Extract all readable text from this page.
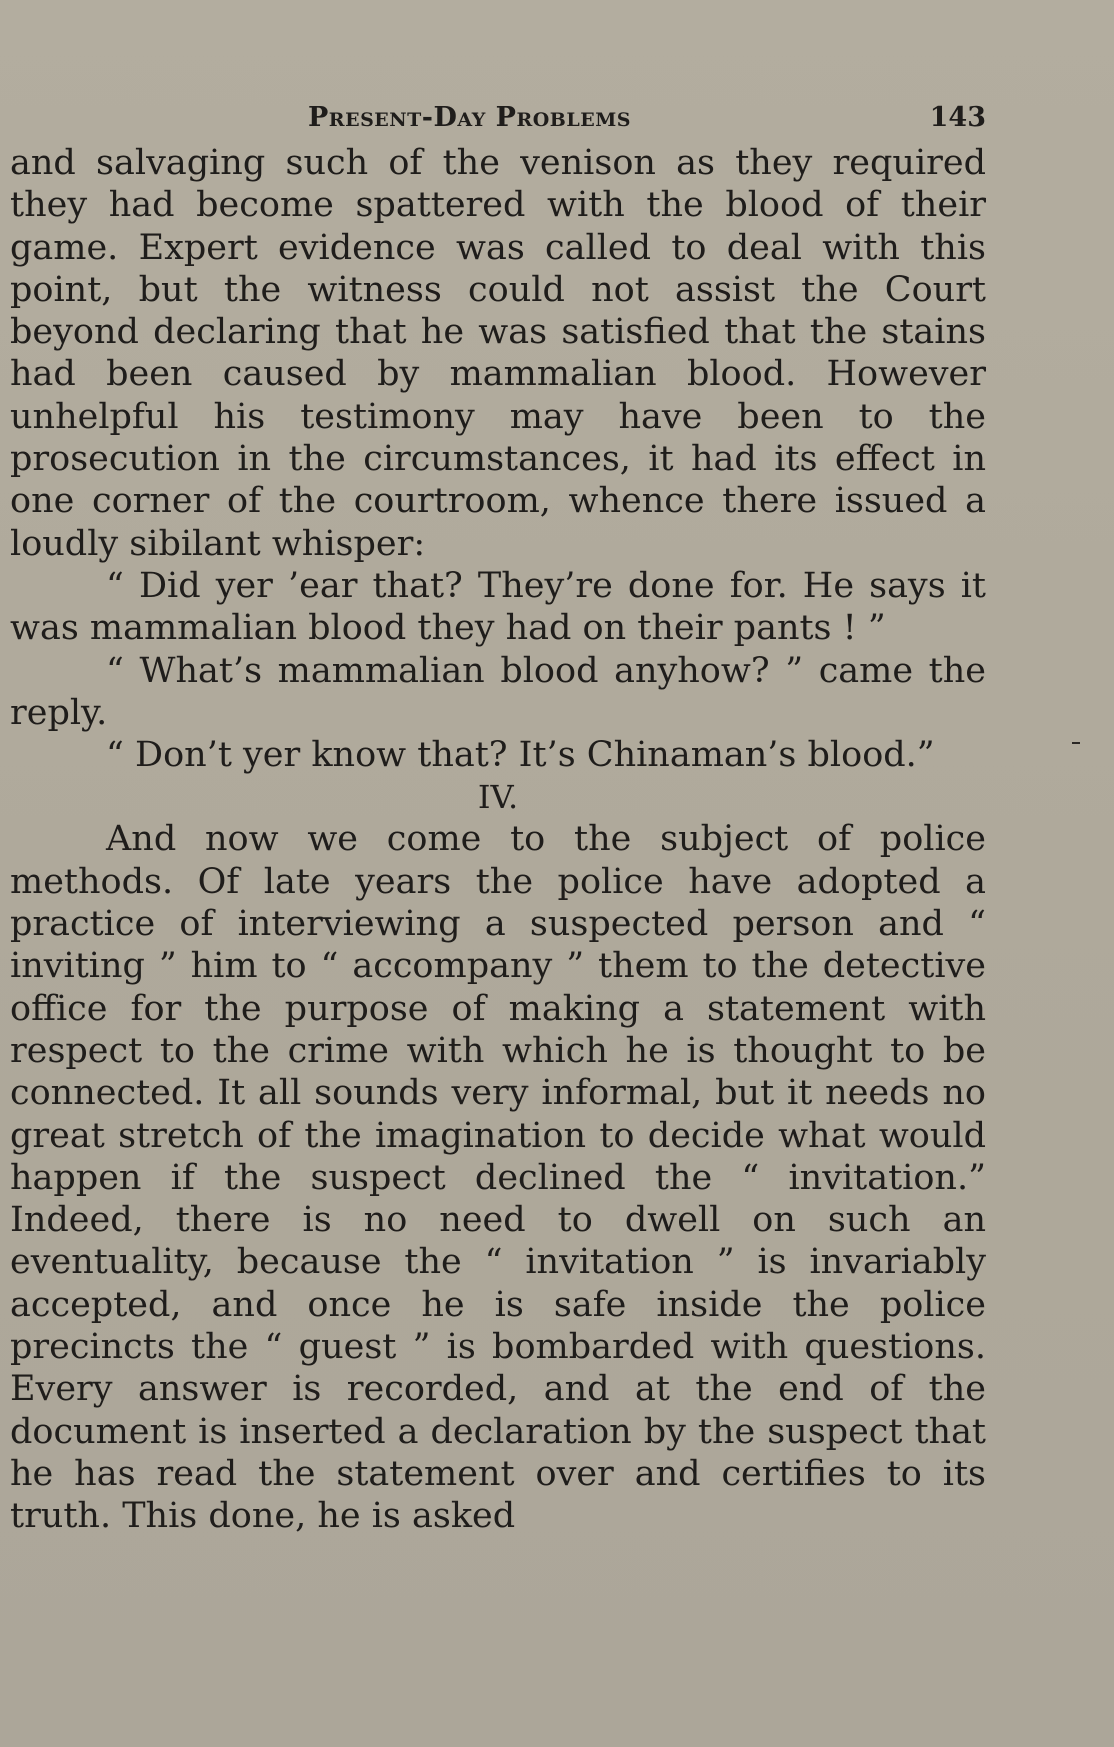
Present-Day Problems	143

and salvaging such of the venison as they required they had become spattered with the blood of their game. Expert evidence was called to deal with this point, but the witness could not assist the Court beyond declaring that he was satisfied that the stains had been caused by mammalian blood. However unhelpful his testimony may have been to the prosecution in the circumstances, it had its effect in one corner of the courtroom, whence there issued a loudly sibilant whisper:

“ Did yer ’ear that? They’re done for. He says it was mammalian blood they had on their pants ! ”

“ What’s mammalian blood anyhow? ” came the reply.

“ Don’t yer know that? It’s Chinaman’s blood.”

IV.

And now we come to the subject of police methods. Of late years the police have adopted a practice of interviewing a suspected person and “ inviting ” him to “ accompany ” them to the detective office for the purpose of making a statement with respect to the crime with which he is thought to be connected. It all sounds very informal, but it needs no great stretch of the imagination to decide what would happen if the suspect declined the “ invitation.” Indeed, there is no need to dwell on such an eventuality, because the “ invitation ” is invariably accepted, and once he is safe inside the police precincts the “ guest ” is bombarded with questions. Every answer is recorded, and at the end of the document is inserted a declaration by the suspect that he has read the statement over and certifies to its truth. This done, he is asked
